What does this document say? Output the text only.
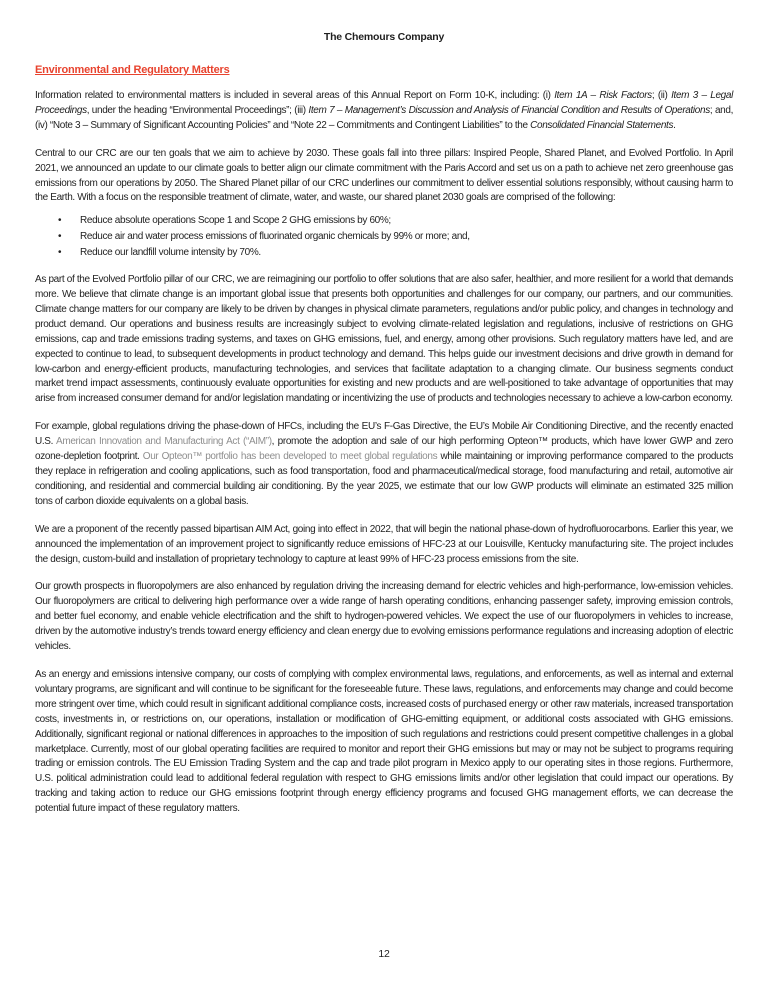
The Chemours Company
Environmental and Regulatory Matters

Information related to environmental matters is included in several areas of this Annual Report on Form 10-K, including: (i) Item 1A – Risk Factors; (ii) Item 3 – Legal Proceedings, under the heading “Environmental Proceedings”; (iii) Item 7 – Management’s Discussion and Analysis of Financial Condition and Results of Operations; and, (iv) “Note 3 – Summary of Significant Accounting Policies” and “Note 22 – Commitments and Contingent Liabilities” to the Consolidated Financial Statements.

Central to our CRC are our ten goals that we aim to achieve by 2030. These goals fall into three pillars: Inspired People, Shared Planet, and Evolved Portfolio. In April 2021, we announced an update to our climate goals to better align our climate commitment with the Paris Accord and set us on a path to achieve net zero greenhouse gas emissions from our operations by 2050. The Shared Planet pillar of our CRC underlines our commitment to deliver essential solutions responsibly, without causing harm to the Earth. With a focus on the responsible treatment of climate, water, and waste, our shared planet 2030 goals are comprised of the following:

• Reduce absolute operations Scope 1 and Scope 2 GHG emissions by 60%;
• Reduce air and water process emissions of fluorinated organic chemicals by 99% or more; and,
• Reduce our landfill volume intensity by 70%.

As part of the Evolved Portfolio pillar of our CRC, we are reimagining our portfolio to offer solutions that are also safer, healthier, and more resilient for a world that demands more. We believe that climate change is an important global issue that presents both opportunities and challenges for our company, our partners, and our communities. Climate change matters for our company are likely to be driven by changes in physical climate parameters, regulations and/or public policy, and changes in technology and product demand. Our operations and business results are increasingly subject to evolving climate-related legislation and regulations, inclusive of restrictions on GHG emissions, cap and trade emissions trading systems, and taxes on GHG emissions, fuel, and energy, among other provisions. Such regulatory matters have led, and are expected to continue to lead, to subsequent developments in product technology and demand. This helps guide our investment decisions and drive growth in demand for low-carbon and energy-efficient products, manufacturing technologies, and services that facilitate adaptation to a changing climate. Our business segments conduct market trend impact assessments, continuously evaluate opportunities for existing and new products and are well-positioned to take advantage of opportunities that may arise from increased consumer demand for and/or legislation mandating or incentivizing the use of products and technologies necessary to achieve a low-carbon economy.

For example, global regulations driving the phase-down of HFCs, including the EU’s F-Gas Directive, the EU’s Mobile Air Conditioning Directive, and the recently enacted U.S. American Innovation and Manufacturing Act (“AIM”), promote the adoption and sale of our high performing Opteon™ products, which have lower GWP and zero ozone-depletion footprint. Our Opteon™ portfolio has been developed to meet global regulations while maintaining or improving performance compared to the products they replace in refrigeration and cooling applications, such as food transportation, food and pharmaceutical/medical storage, food manufacturing and retail, automotive air conditioning, and residential and commercial building air conditioning. By the year 2025, we estimate that our low GWP products will eliminate an estimated 325 million tons of carbon dioxide equivalents on a global basis.

We are a proponent of the recently passed bipartisan AIM Act, going into effect in 2022, that will begin the national phase-down of hydrofluorocarbons. Earlier this year, we announced the implementation of an improvement project to significantly reduce emissions of HFC-23 at our Louisville, Kentucky manufacturing site. The project includes the design, custom-build and installation of proprietary technology to capture at least 99% of HFC-23 process emissions from the site.

Our growth prospects in fluoropolymers are also enhanced by regulation driving the increasing demand for electric vehicles and high-performance, low-emission vehicles. Our fluoropolymers are critical to delivering high performance over a wide range of harsh operating conditions, enhancing passenger safety, improving emission controls, and better fuel economy, and enable vehicle electrification and the shift to hydrogen-powered vehicles. We expect the use of our fluoropolymers in vehicles to increase, driven by the automotive industry’s trends toward energy efficiency and clean energy due to evolving emissions performance regulations and increasing adoption of electric vehicles.

As an energy and emissions intensive company, our costs of complying with complex environmental laws, regulations, and enforcements, as well as internal and external voluntary programs, are significant and will continue to be significant for the foreseeable future. These laws, regulations, and enforcements may change and could become more stringent over time, which could result in significant additional compliance costs, increased costs of purchased energy or other raw materials, increased transportation costs, investments in, or restrictions on, our operations, installation or modification of GHG-emitting equipment, or additional costs associated with GHG emissions. Additionally, significant regional or national differences in approaches to the imposition of such regulations and restrictions could present competitive challenges in a global marketplace. Currently, most of our global operating facilities are required to monitor and report their GHG emissions but may or may not be subject to programs requiring trading or emission controls. The EU Emission Trading System and the cap and trade pilot program in Mexico apply to our operating sites in those regions. Furthermore, U.S. political administration could lead to additional federal regulation with respect to GHG emissions limits and/or other legislation that could impact our operations. By tracking and taking action to reduce our GHG emissions footprint through energy efficiency programs and focused GHG management efforts, we can decrease the potential future impact of these regulatory matters.

12
